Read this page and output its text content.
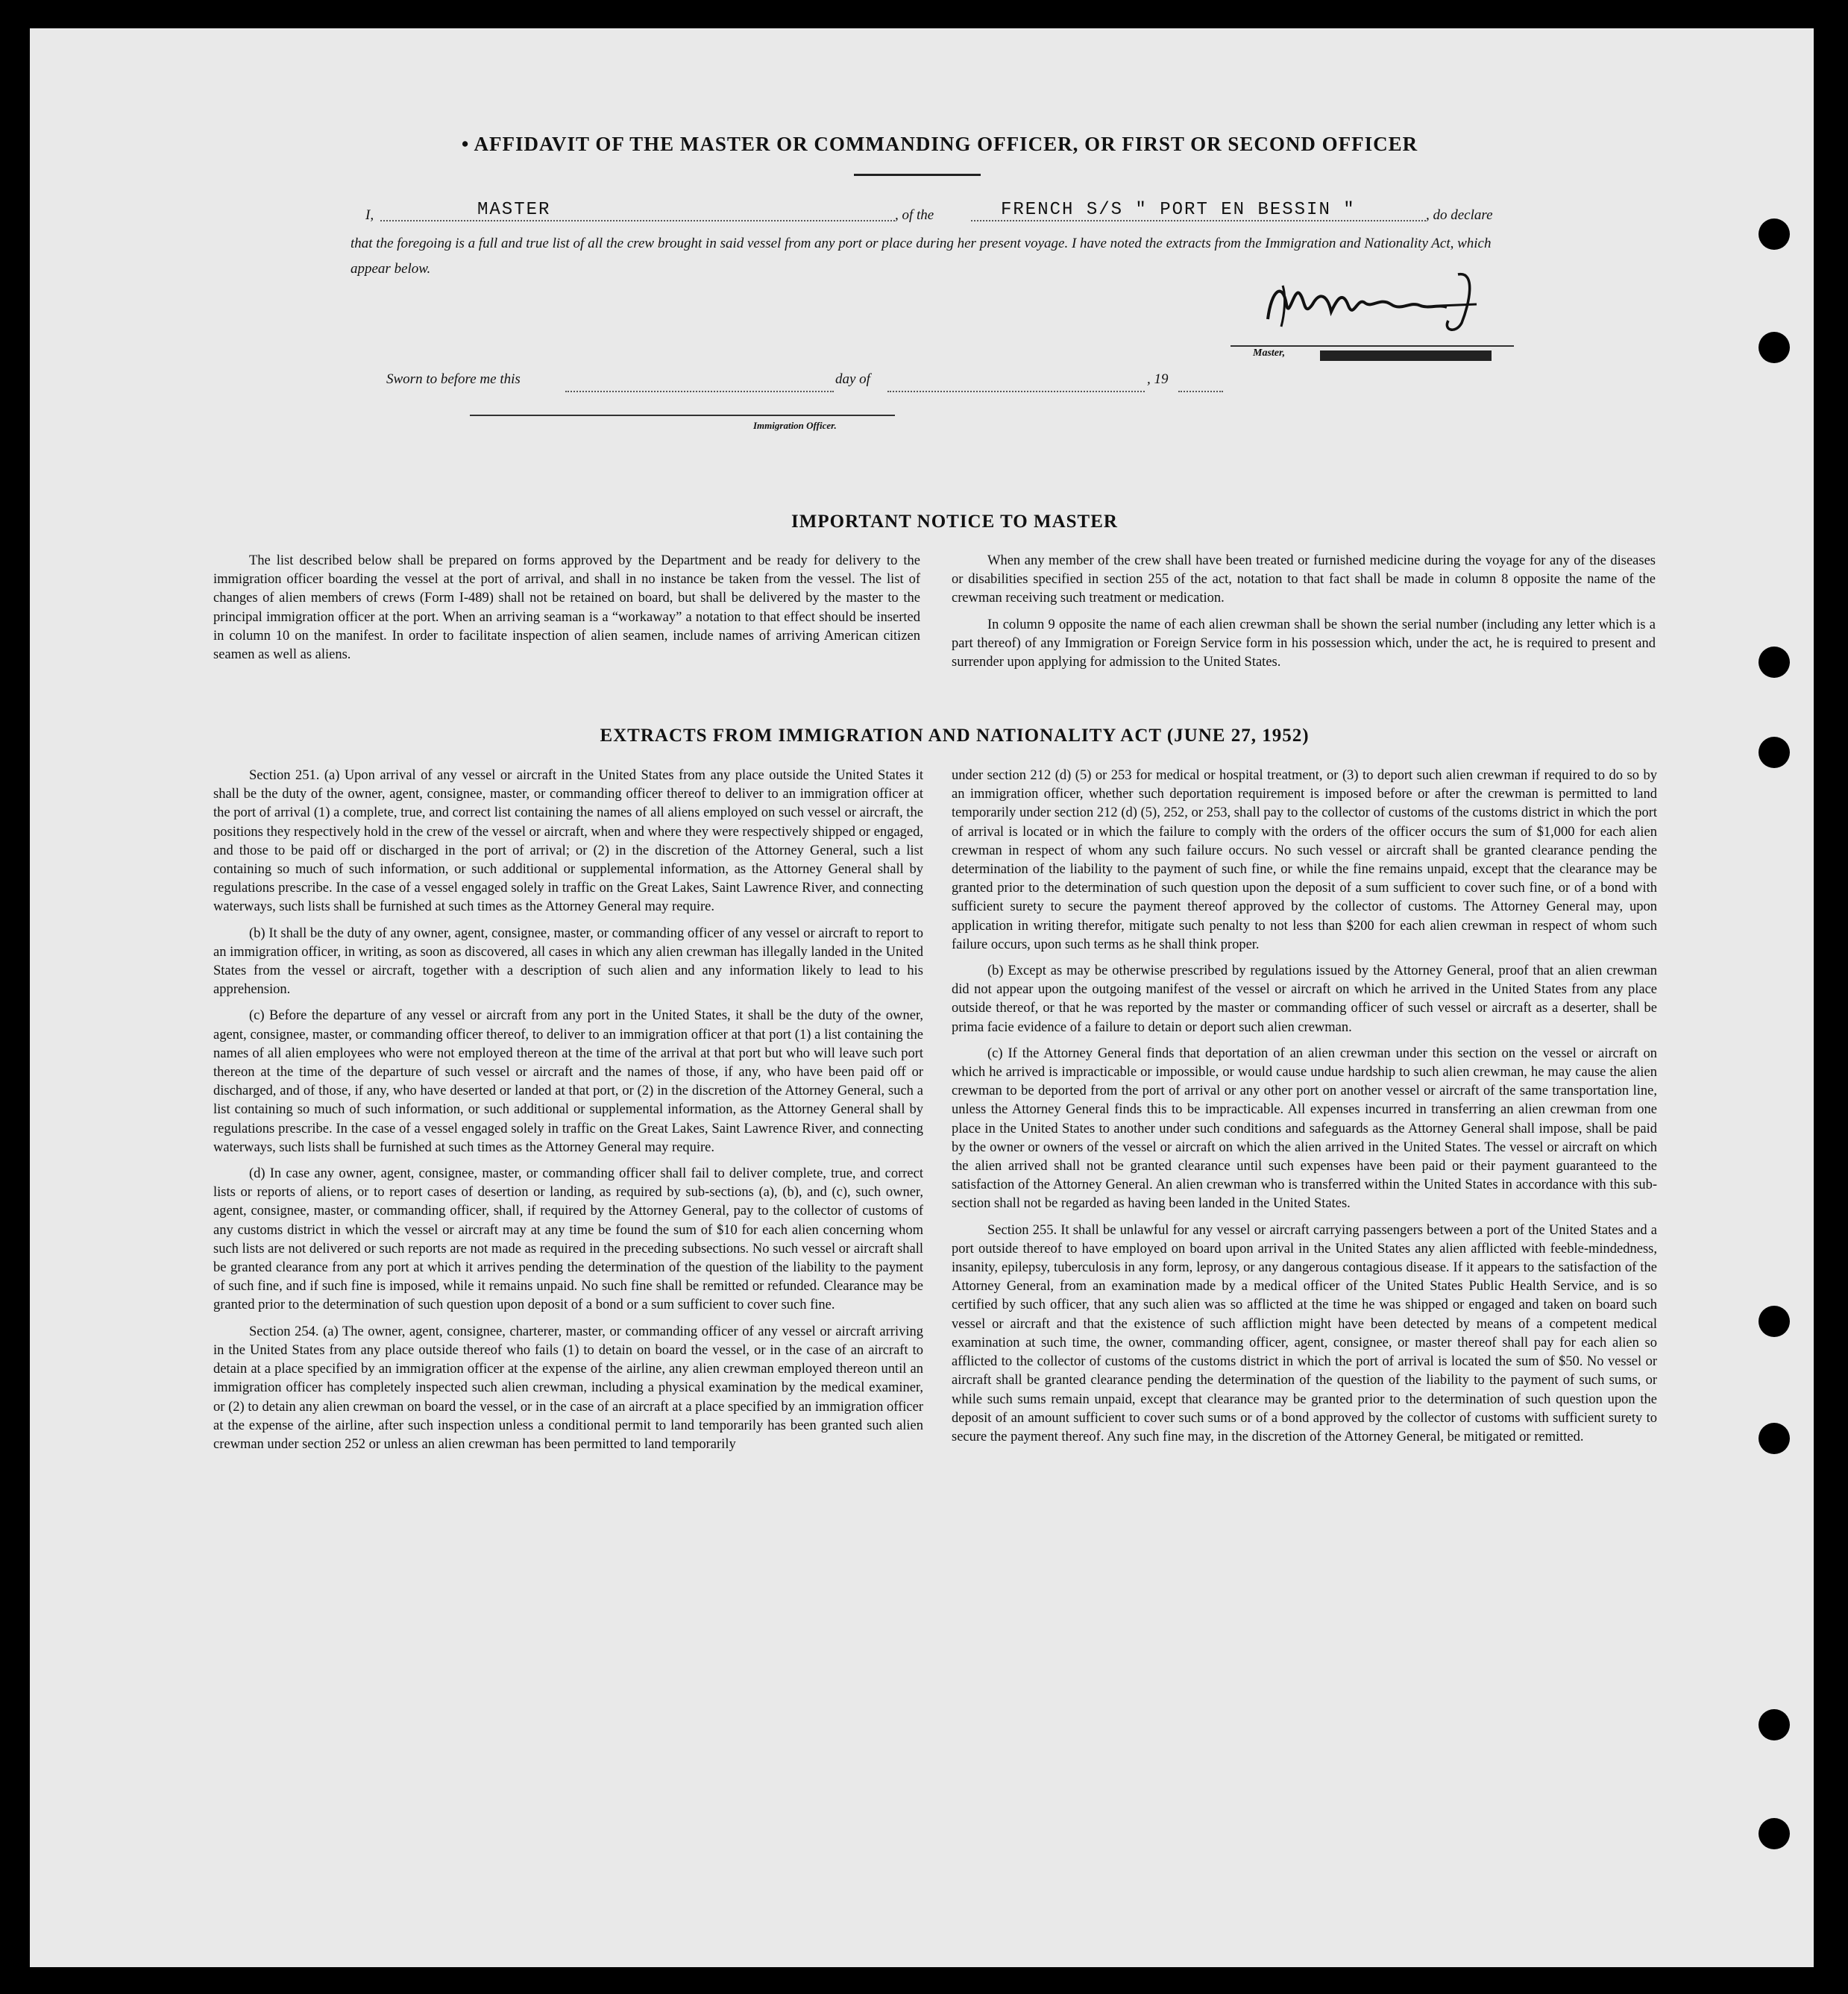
• AFFIDAVIT OF THE MASTER OR COMMANDING OFFICER, OR FIRST OR SECOND OFFICER
I,	MASTER	, of the	FRENCH S/S " PORT EN BESSIN "	, do declare
that the foregoing is a full and true list of all the crew brought in said vessel from any port or place during her present voyage. I have noted the extracts from the Immigration and Nationality Act, which appear below.
Master,
Sworn to before me this	day of	, 19
Immigration Officer.
IMPORTANT NOTICE TO MASTER

The list described below shall be prepared on forms approved by the Department and be ready for delivery to the immigration officer boarding the vessel at the port of arrival, and shall in no instance be taken from the vessel. The list of changes of alien members of crews (Form I-489) shall not be retained on board, but shall be delivered by the master to the principal immigration officer at the port. When an arriving seaman is a “workaway” a notation to that effect should be inserted in column 10 on the manifest. In order to facilitate inspection of alien seamen, include names of arriving American citizen seamen as well as aliens.

When any member of the crew shall have been treated or furnished medicine during the voyage for any of the diseases or disabilities specified in section 255 of the act, notation to that fact shall be made in column 8 opposite the name of the crewman receiving such treatment or medication.

In column 9 opposite the name of each alien crewman shall be shown the serial number (including any letter which is a part thereof) of any Immigration or Foreign Service form in his possession which, under the act, he is required to present and surrender upon applying for admission to the United States.

EXTRACTS FROM IMMIGRATION AND NATIONALITY ACT (JUNE 27, 1952)

Section 251. (a) Upon arrival of any vessel or aircraft in the United States from any place outside the United States it shall be the duty of the owner, agent, consignee, master, or commanding officer thereof to deliver to an immigration officer at the port of arrival (1) a complete, true, and correct list containing the names of all aliens employed on such vessel or aircraft, the positions they respectively hold in the crew of the vessel or aircraft, when and where they were respectively shipped or engaged, and those to be paid off or discharged in the port of arrival; or (2) in the discretion of the Attorney General, such a list containing so much of such information, or such additional or supplemental information, as the Attorney General shall by regulations prescribe. In the case of a vessel engaged solely in traffic on the Great Lakes, Saint Lawrence River, and connecting waterways, such lists shall be furnished at such times as the Attorney General may require.

(b) It shall be the duty of any owner, agent, consignee, master, or commanding officer of any vessel or aircraft to report to an immigration officer, in writing, as soon as discovered, all cases in which any alien crewman has illegally landed in the United States from the vessel or aircraft, together with a description of such alien and any information likely to lead to his apprehension.

(c) Before the departure of any vessel or aircraft from any port in the United States, it shall be the duty of the owner, agent, consignee, master, or commanding officer thereof, to deliver to an immigration officer at that port (1) a list containing the names of all alien employees who were not employed thereon at the time of the arrival at that port but who will leave such port thereon at the time of the departure of such vessel or aircraft and the names of those, if any, who have been paid off or discharged, and of those, if any, who have deserted or landed at that port, or (2) in the discretion of the Attorney General, such a list containing so much of such information, or such additional or supplemental information, as the Attorney General shall by regulations prescribe. In the case of a vessel engaged solely in traffic on the Great Lakes, Saint Lawrence River, and connecting waterways, such lists shall be furnished at such times as the Attorney General may require.

(d) In case any owner, agent, consignee, master, or commanding officer shall fail to deliver complete, true, and correct lists or reports of aliens, or to report cases of desertion or landing, as required by sub-sections (a), (b), and (c), such owner, agent, consignee, master, or commanding officer, shall, if required by the Attorney General, pay to the collector of customs of any customs district in which the vessel or aircraft may at any time be found the sum of $10 for each alien concerning whom such lists are not delivered or such reports are not made as required in the preceding subsections. No such vessel or aircraft shall be granted clearance from any port at which it arrives pending the determination of the question of the liability to the payment of such fine, and if such fine is imposed, while it remains unpaid. No such fine shall be remitted or refunded. Clearance may be granted prior to the determination of such question upon deposit of a bond or a sum sufficient to cover such fine.

Section 254. (a) The owner, agent, consignee, charterer, master, or commanding officer of any vessel or aircraft arriving in the United States from any place outside thereof who fails (1) to detain on board the vessel, or in the case of an aircraft to detain at a place specified by an immigration officer at the expense of the airline, any alien crewman employed thereon until an immigration officer has completely inspected such alien crewman, including a physical examination by the medical examiner, or (2) to detain any alien crewman on board the vessel, or in the case of an aircraft at a place specified by an immigration officer at the expense of the airline, after such inspection unless a conditional permit to land temporarily has been granted such alien crewman under section 252 or unless an alien crewman has been permitted to land temporarily

under section 212 (d) (5) or 253 for medical or hospital treatment, or (3) to deport such alien crewman if required to do so by an immigration officer, whether such deportation requirement is imposed before or after the crewman is permitted to land temporarily under section 212 (d) (5), 252, or 253, shall pay to the collector of customs of the customs district in which the port of arrival is located or in which the failure to comply with the orders of the officer occurs the sum of $1,000 for each alien crewman in respect of whom any such failure occurs. No such vessel or aircraft shall be granted clearance pending the determination of the liability to the payment of such fine, or while the fine remains unpaid, except that the clearance may be granted prior to the determination of such question upon the deposit of a sum sufficient to cover such fine, or of a bond with sufficient surety to secure the payment thereof approved by the collector of customs. The Attorney General may, upon application in writing therefor, mitigate such penalty to not less than $200 for each alien crewman in respect of whom such failure occurs, upon such terms as he shall think proper.

(b) Except as may be otherwise prescribed by regulations issued by the Attorney General, proof that an alien crewman did not appear upon the outgoing manifest of the vessel or aircraft on which he arrived in the United States from any place outside thereof, or that he was reported by the master or commanding officer of such vessel or aircraft as a deserter, shall be prima facie evidence of a failure to detain or deport such alien crewman.

(c) If the Attorney General finds that deportation of an alien crewman under this section on the vessel or aircraft on which he arrived is impracticable or impossible, or would cause undue hardship to such alien crewman, he may cause the alien crewman to be deported from the port of arrival or any other port on another vessel or aircraft of the same transportation line, unless the Attorney General finds this to be impracticable. All expenses incurred in transferring an alien crewman from one place in the United States to another under such conditions and safeguards as the Attorney General shall impose, shall be paid by the owner or owners of the vessel or aircraft on which the alien arrived in the United States. The vessel or aircraft on which the alien arrived shall not be granted clearance until such expenses have been paid or their payment guaranteed to the satisfaction of the Attorney General. An alien crewman who is transferred within the United States in accordance with this sub-section shall not be regarded as having been landed in the United States.

Section 255. It shall be unlawful for any vessel or aircraft carrying passengers between a port of the United States and a port outside thereof to have employed on board upon arrival in the United States any alien afflicted with feeble-mindedness, insanity, epilepsy, tuberculosis in any form, leprosy, or any dangerous contagious disease. If it appears to the satisfaction of the Attorney General, from an examination made by a medical officer of the United States Public Health Service, and is so certified by such officer, that any such alien was so afflicted at the time he was shipped or engaged and taken on board such vessel or aircraft and that the existence of such affliction might have been detected by means of a competent medical examination at such time, the owner, commanding officer, agent, consignee, or master thereof shall pay for each alien so afflicted to the collector of customs of the customs district in which the port of arrival is located the sum of $50. No vessel or aircraft shall be granted clearance pending the determination of the question of the liability to the payment of such sums, or while such sums remain unpaid, except that clearance may be granted prior to the determination of such question upon the deposit of an amount sufficient to cover such sums or of a bond approved by the collector of customs with sufficient surety to secure the payment thereof. Any such fine may, in the discretion of the Attorney General, be mitigated or remitted.
